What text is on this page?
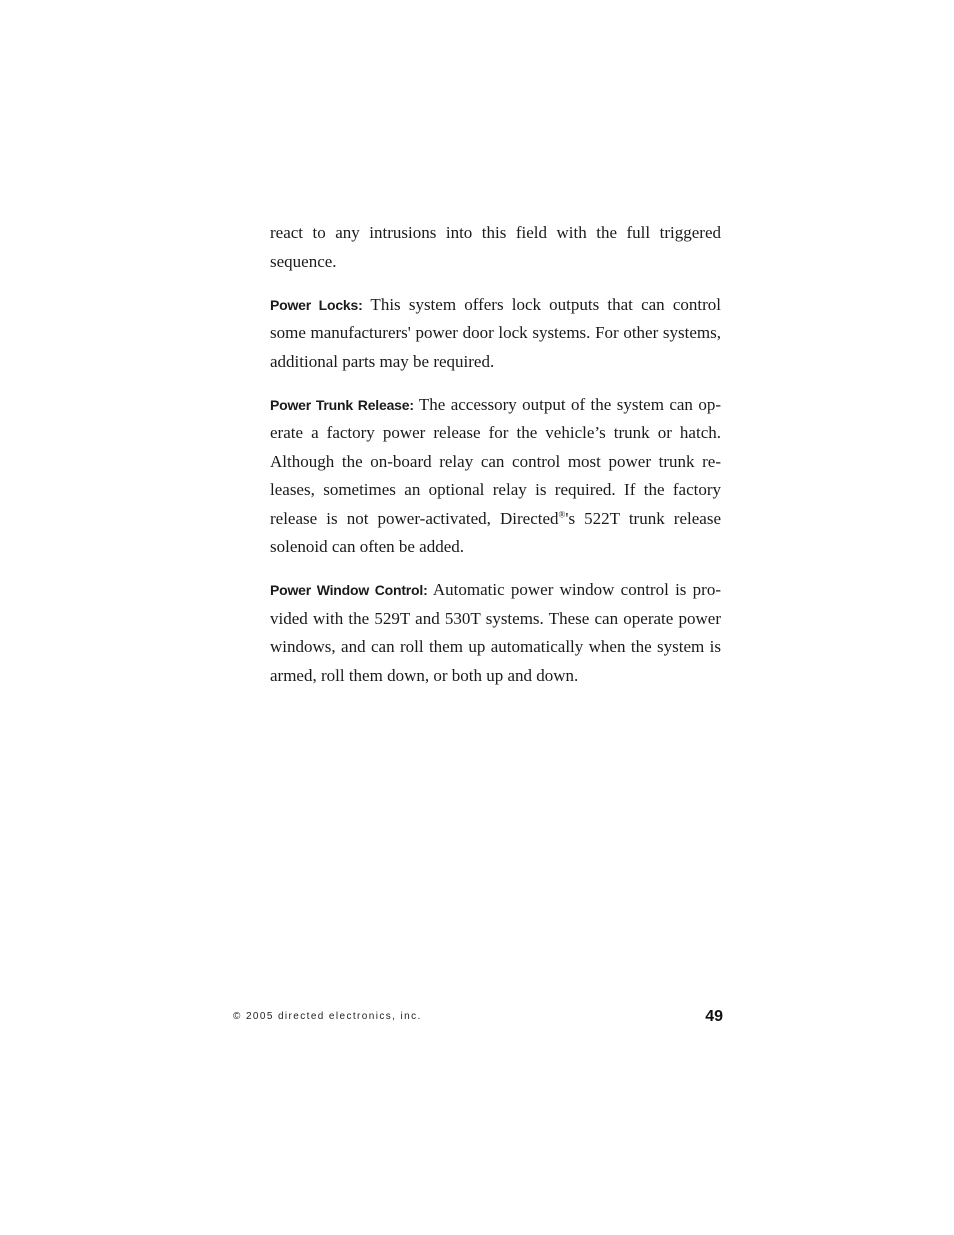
react to any intrusions into this field with the full triggered sequence.

Power Locks: This system offers lock outputs that can control some manufacturers' power door lock systems. For other systems, additional parts may be required.

Power Trunk Release: The accessory output of the system can operate a factory power release for the vehicle’s trunk or hatch. Although the on-board relay can control most power trunk releases, sometimes an optional relay is required. If the factory release is not power-activated, Directed®'s 522T trunk release solenoid can often be added.

Power Window Control: Automatic power window control is provided with the 529T and 530T systems. These can operate power windows, and can roll them up automatically when the system is armed, roll them down, or both up and down.

© 2005 directed electronics, inc.	49
